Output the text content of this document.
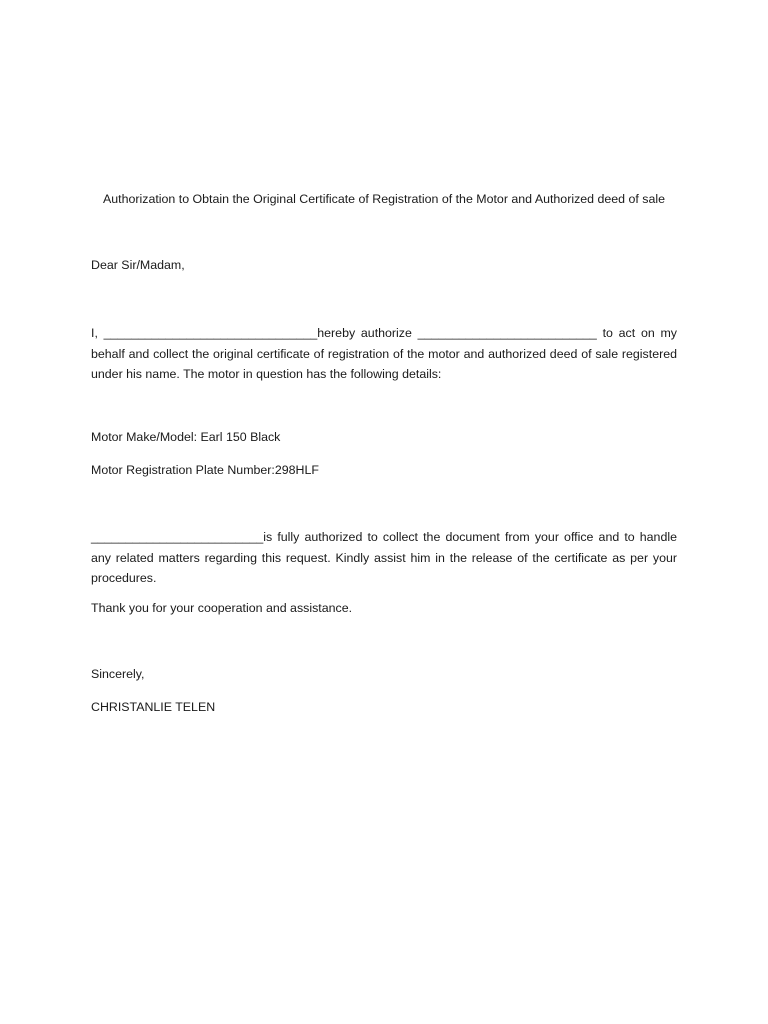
Authorization to Obtain the Original Certificate of Registration of the Motor and Authorized deed of sale
Dear Sir/Madam,
I, _______________________________hereby authorize __________________________ to act on my behalf and collect the original certificate of registration of the motor and authorized deed of sale registered under his name. The motor in question has the following details:
Motor Make/Model: Earl 150 Black
Motor Registration Plate Number:298HLF
_________________________is fully authorized to collect the document from your office and to handle any related matters regarding this request. Kindly assist him in the release of the certificate as per your procedures.
Thank you for your cooperation and assistance.
Sincerely,
CHRISTANLIE TELEN
